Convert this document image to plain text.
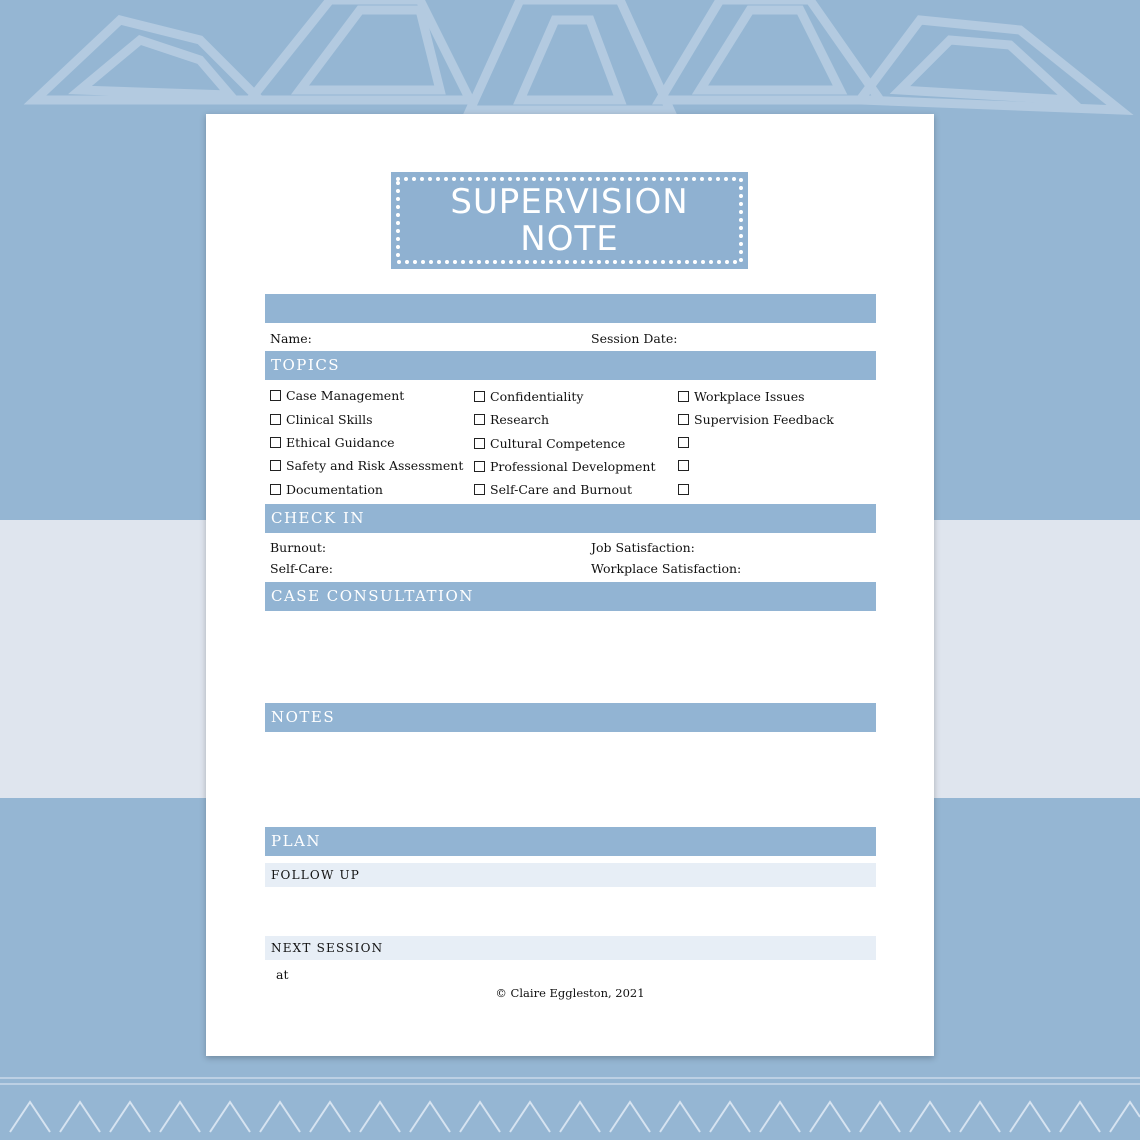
SUPERVISION
NOTE
Name:	Session Date:
TOPICS
Case Management
Clinical Skills
Ethical Guidance
Safety and Risk Assessment
Documentation
Confidentiality
Research
Cultural Competence
Professional Development
Self-Care and Burnout
Workplace Issues
Supervision Feedback
CHECK IN
Burnout:	Job Satisfaction:
Self-Care:	Workplace Satisfaction:
CASE CONSULTATION
NOTES
PLAN
FOLLOW UP
NEXT SESSION
at
© Claire Eggleston, 2021
